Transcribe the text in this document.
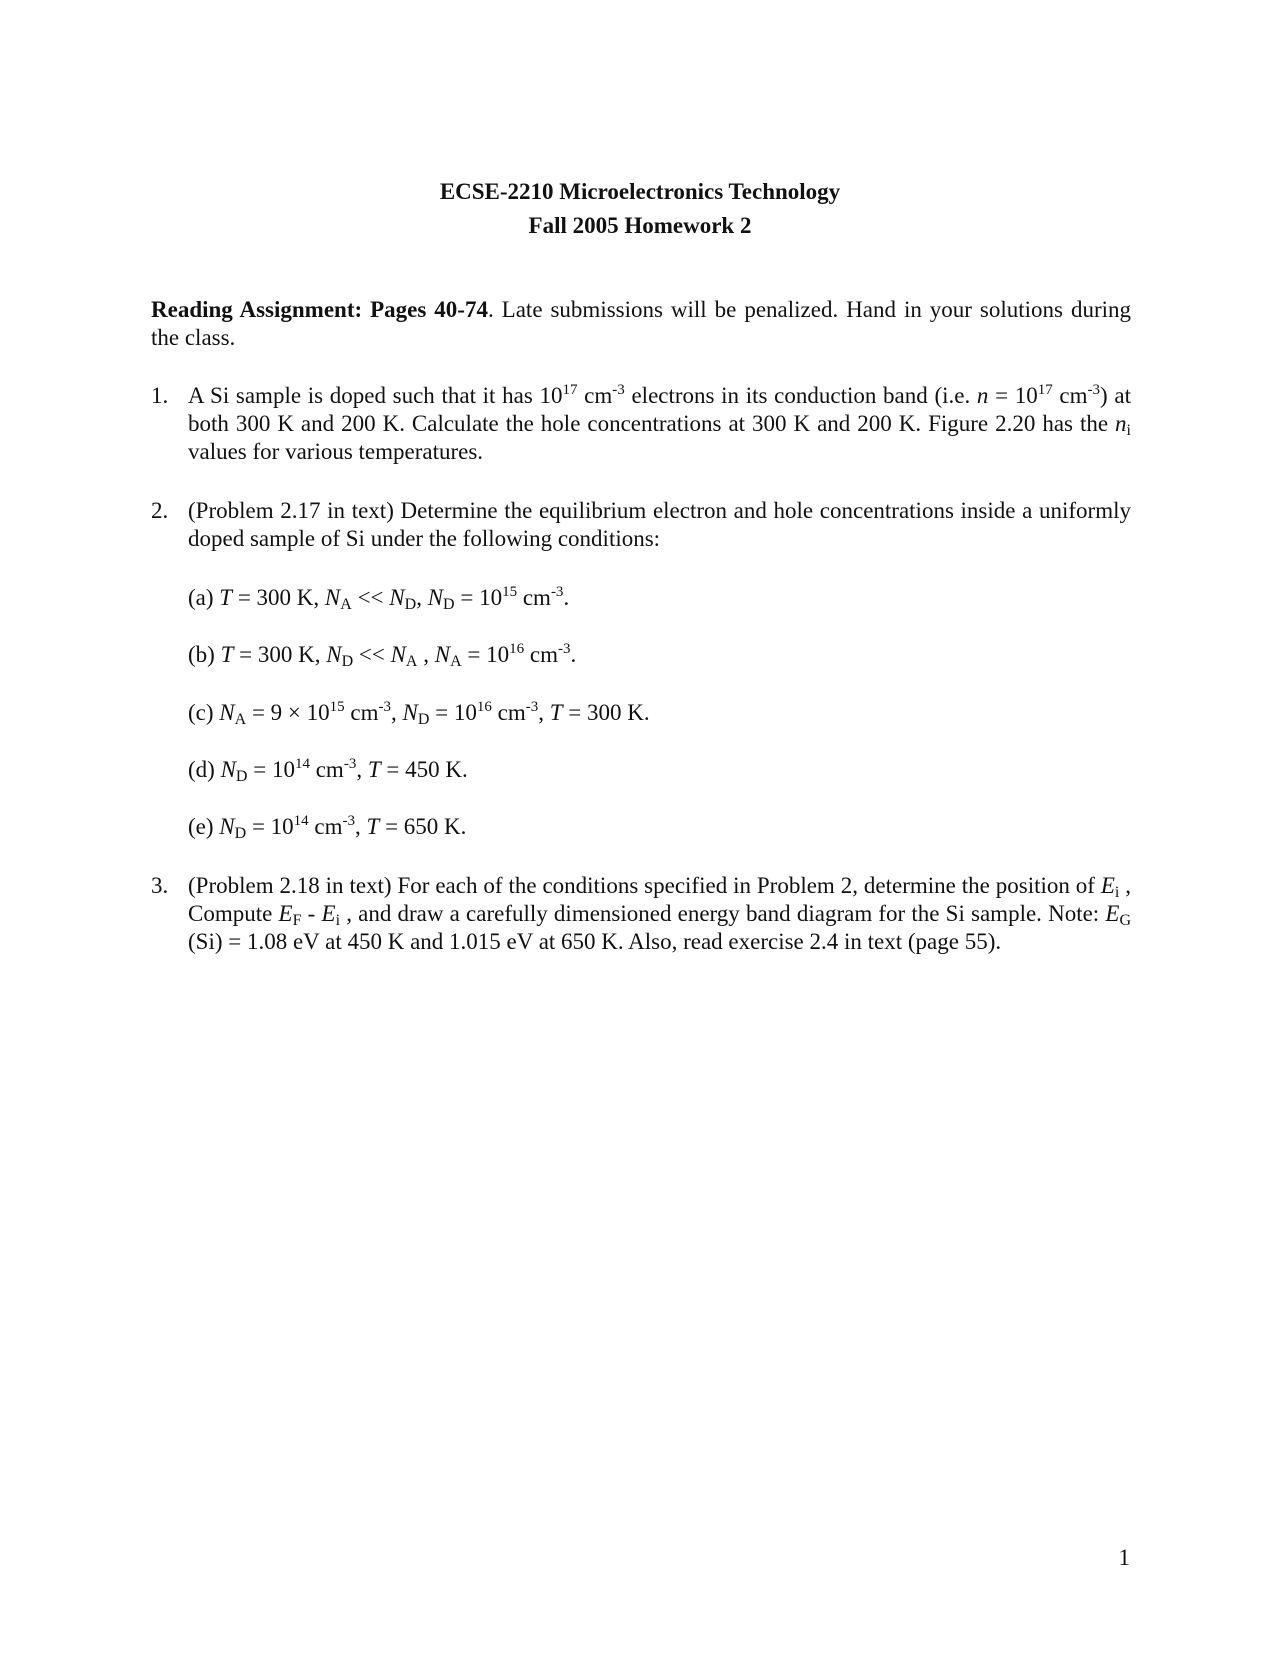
ECSE-2210 Microelectronics Technology
Fall 2005 Homework 2
Reading Assignment: Pages 40-74. Late submissions will be penalized. Hand in your solutions during the class.
1. A Si sample is doped such that it has $10^{17}$ $cm^{-3}$ electrons in its conduction band (i.e. $n = 10^{17}$ $cm^{-3}$) at both 300 K and 200 K. Calculate the hole concentrations at 300 K and 200 K. Figure 2.20 has the $n_i$ values for various temperatures.
2. (Problem 2.17 in text) Determine the equilibrium electron and hole concentrations inside a uniformly doped sample of Si under the following conditions:
(a) T = 300 K, $N_A << N_D$, $N_D = 10^{15}$ $cm^{-3}$.
(b) T = 300 K, $N_D << N_A$ , $N_A = 10^{16}$ $cm^{-3}$.
(c) $N_A = 9 \times 10^{15}$ $cm^{-3}$, $N_D = 10^{16}$ $cm^{-3}$, T = 300 K.
(d) $N_D = 10^{14}$ $cm^{-3}$, T = 450 K.
(e) $N_D = 10^{14}$ $cm^{-3}$, T = 650 K.
3. (Problem 2.18 in text) For each of the conditions specified in Problem 2, determine the position of $E_i$ , Compute $E_F - E_i$ , and draw a carefully dimensioned energy band diagram for the Si sample. Note: $E_G$ (Si) = 1.08 eV at 450 K and 1.015 eV at 650 K. Also, read exercise 2.4 in text (page 55).
1
